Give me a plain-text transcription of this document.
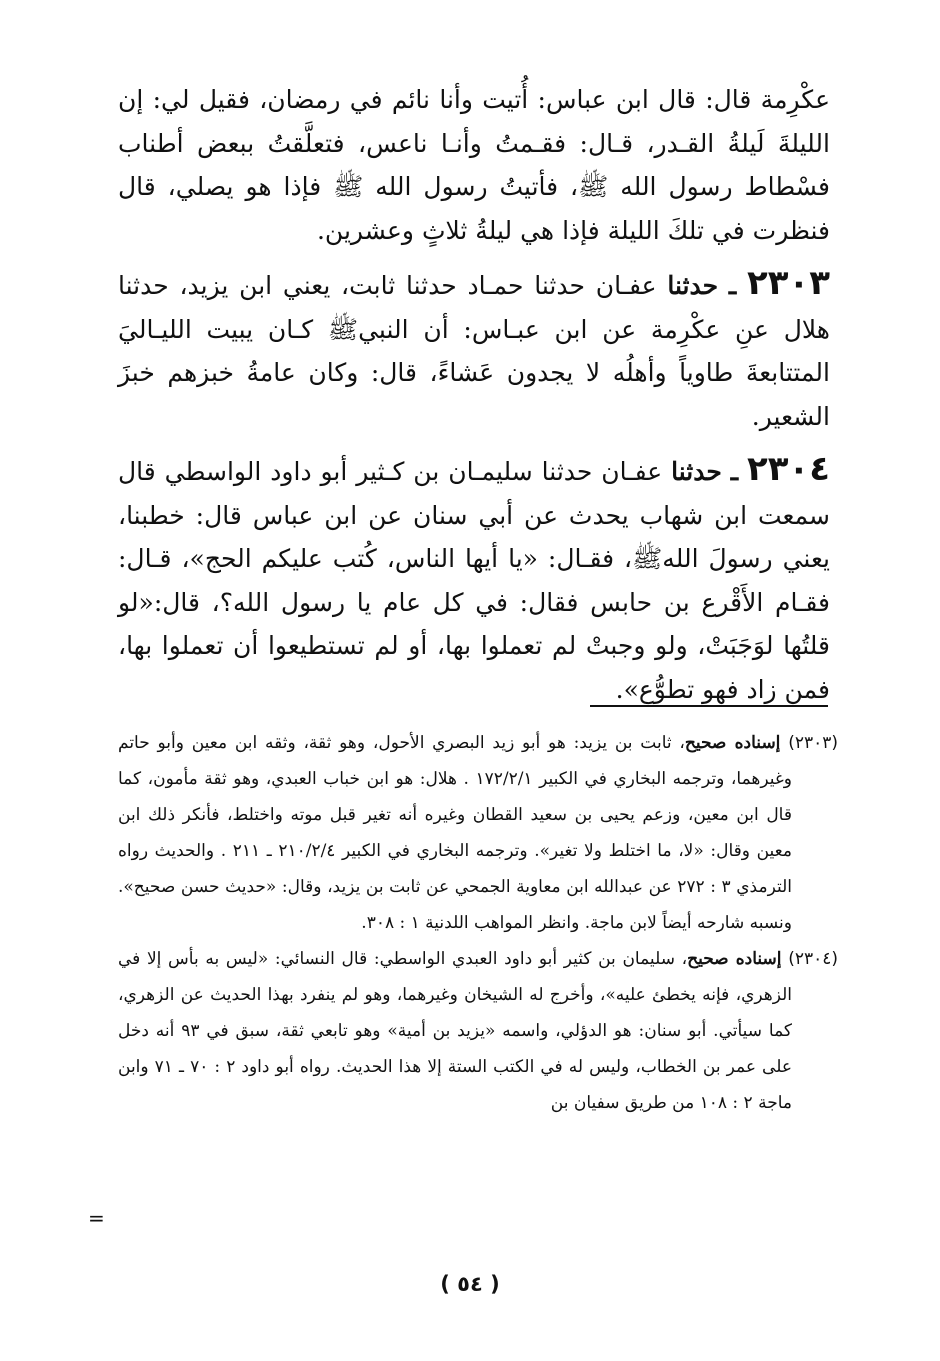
عكْرِمة قال: قال ابن عباس: أُتيت وأنا نائم في رمضان، فقيل لي: إن الليلةَ لَيلةُ القـدر، قـال: فقـمتُ وأنـا ناعس، فتعلَّقتُ ببعض أطناب فسْطاط رسول الله ﷺ، فأتيتُ رسول الله ﷺ فإذا هو يصلي، قال فنظرت في تلكَ الليلة فإذا هي ليلةُ ثلاثٍ وعشرين.

٢٣٠٣ ـ حدثنا عفـان حدثنا حمـاد حدثنا ثابت، يعني ابن يزيد، حدثنا هلال عنِ عكْرِمة عن ابن عبـاس: أن النبيﷺ كـان يبيت الليـاليَ المتتابعةَ طاوياً وأهلُه لا يجدون عَشاءً، قال: وكان عامةُ خبزهم خبزَ الشعير.

٢٣٠٤ ـ حدثنا عفـان حدثنا سليمـان بن كـثير أبو داود الواسطي قال سمعت ابن شهاب يحدث عن أبي سنان عن ابن عباس قال: خطبنا، يعني رسولَ اللهﷺ، فقـال: «يا أيها الناس، كُتب عليكم الحج»، قـال: فقـام الأَقْرع بن حابس فقال: في كل عام يا رسول الله؟، قال:«لو قلتُها لوَجَبَتْ، ولو وجبتْ لم تعملوا بها، أو لم تستطيعوا أن تعملوا بها، فمن زاد فهو تطوُّع».

(٢٣٠٣) إسناده صحيح، ثابت بن يزيد: هو أبو زيد البصري الأحول، وهو ثقة، وثقه ابن معين وأبو حاتم وغيرهما، وترجمه البخاري في الكبير ١٧٢/٢/١ . هلال: هو ابن خباب العبدي، وهو ثقة مأمون، كما قال ابن معين، وزعم يحيى بن سعيد القطان وغيره أنه تغير قبل موته واختلط، فأنكر ذلك ابن معين وقال: «لا، ما اختلط ولا تغير». وترجمه البخاري في الكبير ٢١٠/٢/٤ ـ ٢١١ . والحديث رواه الترمذي ٣ : ٢٧٢ عن عبدالله ابن معاوية الجمحي عن ثابت بن يزيد، وقال: «حديث حسن صحيح». ونسبه شارحه أيضاً لابن ماجة. وانظر المواهب اللدنية ١ : ٣٠٨.

(٢٣٠٤) إسناده صحيح، سليمان بن كثير أبو داود العبدي الواسطي: قال النسائي: «ليس به بأس إلا في الزهري، فإنه يخطئ عليه»، وأخرج له الشيخان وغيرهما، وهو لم ينفرد بهذا الحديث عن الزهري، كما سيأتي. أبو سنان: هو الدؤلي، واسمه «يزيد بن أمية» وهو تابعي ثقة، سبق في ٩٣ أنه دخل على عمر بن الخطاب، وليس له في الكتب الستة إلا هذا الحديث. رواه أبو داود ٢ : ٧٠ ـ ٧١ وابن ماجة ٢ : ١٠٨ من طريق سفيان بن

=
( ٥٤ )
